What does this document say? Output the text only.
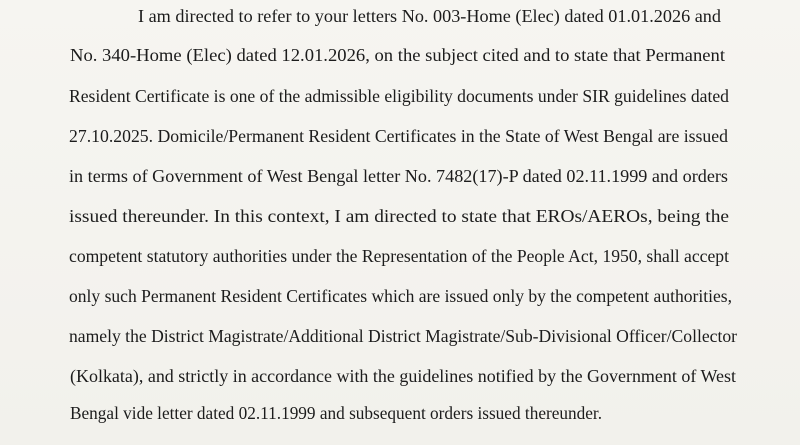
I am directed to refer to your letters No. 003-Home (Elec) dated 01.01.2026 and
No. 340-Home (Elec) dated 12.01.2026, on the subject cited and to state that Permanent
Resident Certificate is one of the admissible eligibility documents under SIR guidelines dated
27.10.2025. Domicile/Permanent Resident Certificates in the State of West Bengal are issued
in terms of Government of West Bengal letter No. 7482(17)-P dated 02.11.1999 and orders
issued thereunder. In this context, I am directed to state that EROs/AEROs, being the
competent statutory authorities under the Representation of the People Act, 1950, shall accept
only such Permanent Resident Certificates which are issued only by the competent authorities,
namely the District Magistrate/Additional District Magistrate/Sub-Divisional Officer/Collector
(Kolkata), and strictly in accordance with the guidelines notified by the Government of West
Bengal vide letter dated 02.11.1999 and subsequent orders issued thereunder.
